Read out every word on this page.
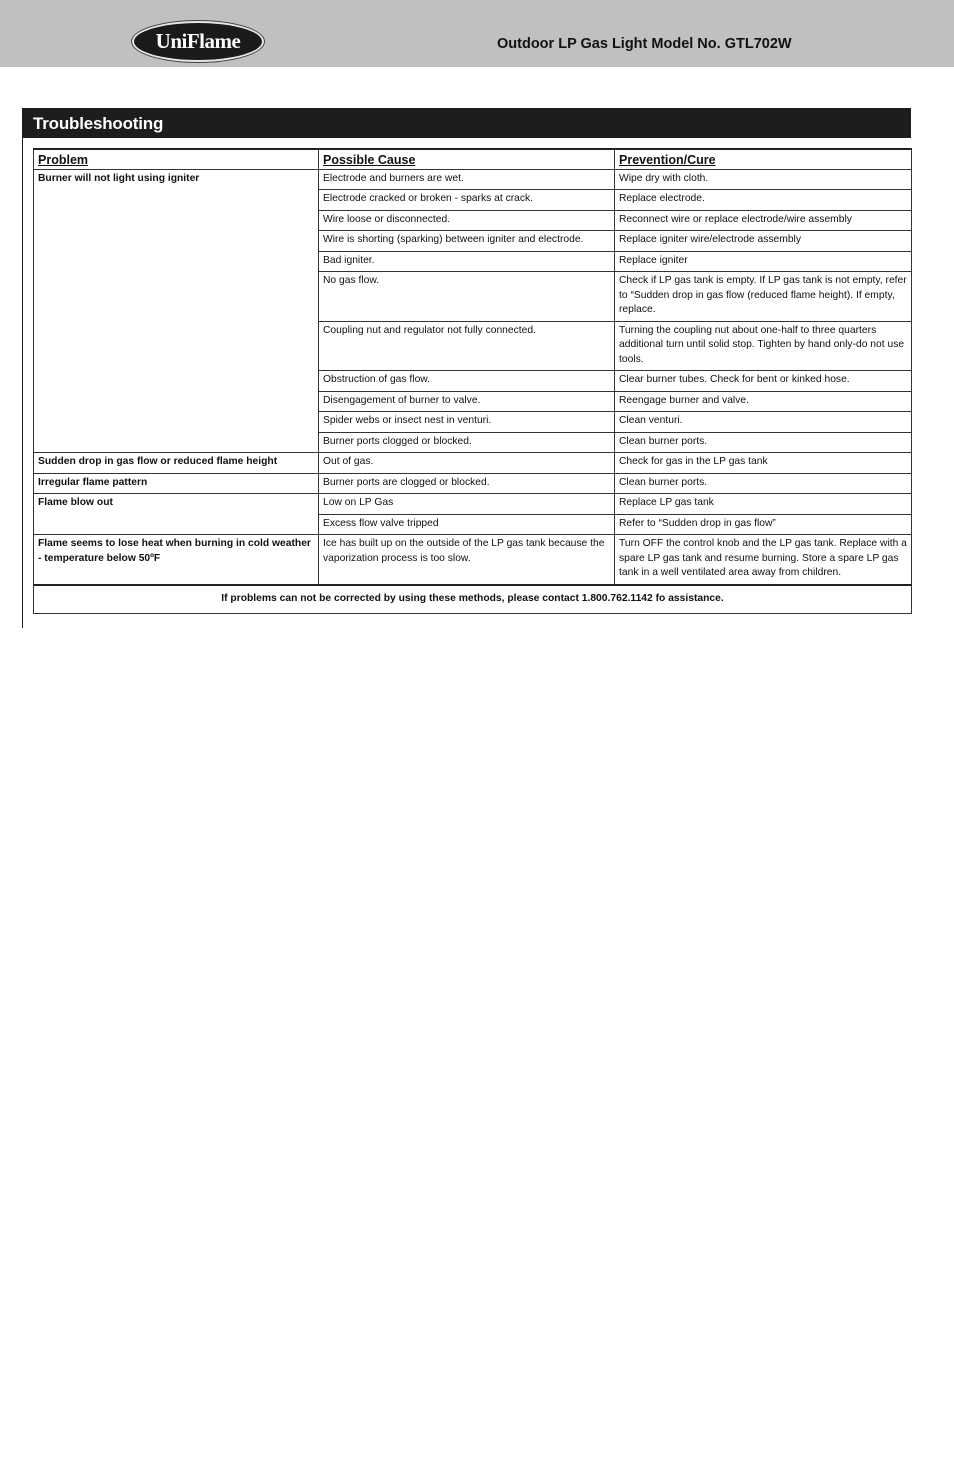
UniFlame	Outdoor LP Gas Light Model No. GTL702W
Troubleshooting
Problem	Possible Cause	Prevention/Cure
Burner will not light using igniter	Electrode and burners are wet.	Wipe dry with cloth.
	Electrode cracked or broken - sparks at crack.	Replace electrode.
	Wire loose or disconnected.	Reconnect wire or replace electrode/wire assembly
	Wire is shorting (sparking) between igniter and electrode.	Replace igniter wire/electrode assembly
	Bad igniter.	Replace igniter
	No gas flow.	Check if LP gas tank is empty. If LP gas tank is not empty, refer to “Sudden drop in gas flow (reduced flame height). If empty, replace.
	Coupling nut and regulator not fully connected.	Turning the coupling nut about one-half to three quarters additional turn until solid stop. Tighten by hand only-do not use tools.
	Obstruction of gas flow.	Clear burner tubes. Check for bent or kinked hose.
	Disengagement of burner to valve.	Reengage burner and valve.
	Spider webs or insect nest in venturi.	Clean venturi.
	Burner ports clogged or blocked.	Clean burner ports.
Sudden drop in gas flow or reduced flame height	Out of gas.	Check for gas in the LP gas tank
Irregular flame pattern	Burner ports are clogged or blocked.	Clean burner ports.
Flame blow out	Low on LP Gas	Replace LP gas tank
	Excess flow valve tripped	Refer to “Sudden drop in gas flow”
Flame seems to lose heat when burning in cold weather - temperature below 50ºF	Ice has built up on the outside of the LP gas tank because the vaporization process is too slow.	Turn OFF the control knob and the LP gas tank. Replace with a spare LP gas tank and resume burning. Store a spare LP gas tank in a well ventilated area away from children.
If problems can not be corrected by using these methods, please contact 1.800.762.1142 fo assistance.		
